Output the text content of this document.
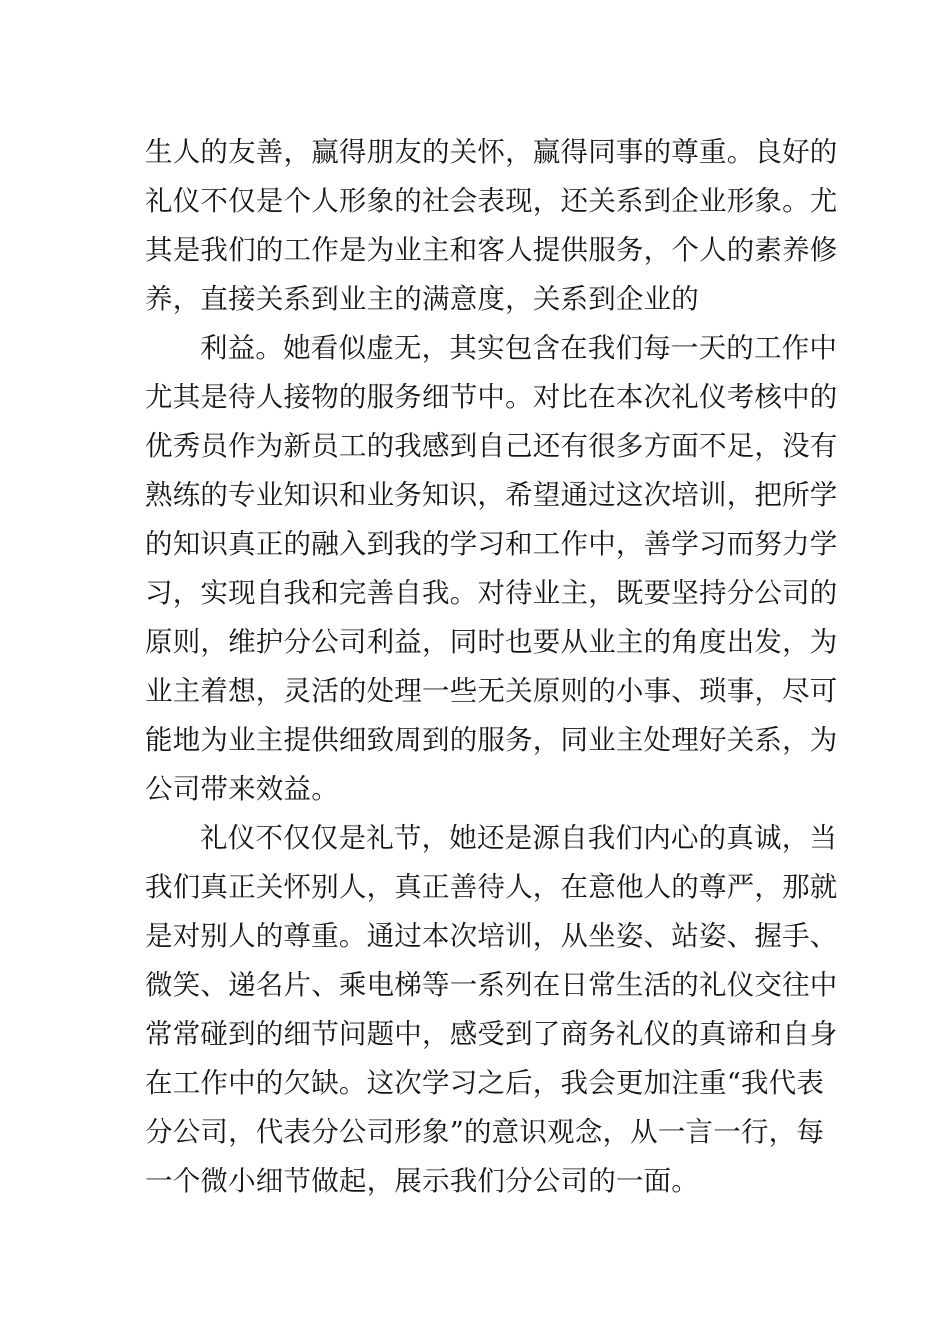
生人的友善，赢得朋友的关怀，赢得同事的尊重。良好的
礼仪不仅是个人形象的社会表现，还关系到企业形象。尤
其是我们的工作是为业主和客人提供服务，个人的素养修
养，直接关系到业主的满意度，关系到企业的
利益。她看似虚无，其实包含在我们每一天的工作中
尤其是待人接物的服务细节中。对比在本次礼仪考核中的
优秀员作为新员工的我感到自己还有很多方面不足，没有
熟练的专业知识和业务知识，希望通过这次培训，把所学
的知识真正的融入到我的学习和工作中，善学习而努力学
习，实现自我和完善自我。对待业主，既要坚持分公司的
原则，维护分公司利益，同时也要从业主的角度出发，为
业主着想，灵活的处理一些无关原则的小事、琐事，尽可
能地为业主提供细致周到的服务，同业主处理好关系，为
公司带来效益。
礼仪不仅仅是礼节，她还是源自我们内心的真诚，当
我们真正关怀别人，真正善待人，在意他人的尊严，那就
是对别人的尊重。通过本次培训，从坐姿、站姿、握手、
微笑、递名片、乘电梯等一系列在日常生活的礼仪交往中
常常碰到的细节问题中，感受到了商务礼仪的真谛和自身
在工作中的欠缺。这次学习之后，我会更加注重“我代表
分公司，代表分公司形象”的意识观念，从一言一行，每
一个微小细节做起，展示我们分公司的一面。
